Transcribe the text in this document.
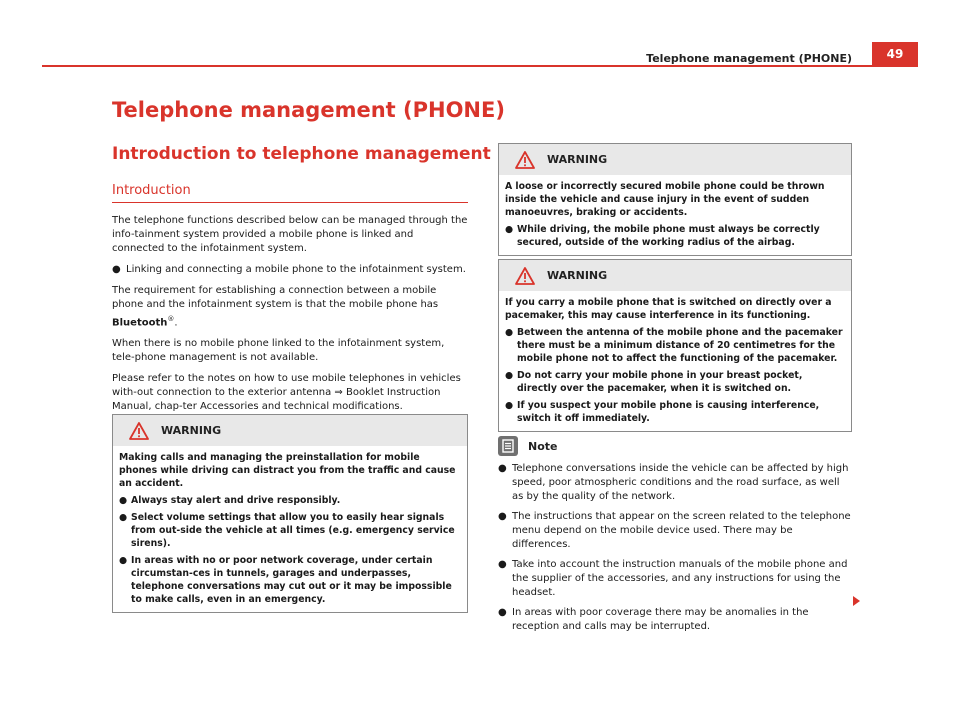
Telephone management (PHONE)	49
Telephone management (PHONE)
Introduction to telephone management
Introduction

The telephone functions described below can be managed through the info-tainment system provided a mobile phone is linked and connected to the infotainment system.

● Linking and connecting a mobile phone to the infotainment system.

The requirement for establishing a connection between a mobile phone and the infotainment system is that the mobile phone has Bluetooth®.

When there is no mobile phone linked to the infotainment system, tele-phone management is not available.

Please refer to the notes on how to use mobile telephones in vehicles with-out connection to the exterior antenna ⇒ Booklet Instruction Manual, chap-ter Accessories and technical modifications.

WARNING

Making calls and managing the preinstallation for mobile phones while driving can distract you from the traffic and cause an accident.

● Always stay alert and drive responsibly.
● Select volume settings that allow you to easily hear signals from out-side the vehicle at all times (e.g. emergency service sirens).
● In areas with no or poor network coverage, under certain circumstan-ces in tunnels, garages and underpasses, telephone conversations may cut out or it may be impossible to make calls, even in an emergency.
WARNING

A loose or incorrectly secured mobile phone could be thrown inside the vehicle and cause injury in the event of sudden manoeuvres, braking or accidents.

● While driving, the mobile phone must always be correctly secured, outside of the working radius of the airbag.
WARNING

If you carry a mobile phone that is switched on directly over a pacemaker, this may cause interference in its functioning.

● Between the antenna of the mobile phone and the pacemaker there must be a minimum distance of 20 centimetres for the mobile phone not to affect the functioning of the pacemaker.
● Do not carry your mobile phone in your breast pocket, directly over the pacemaker, when it is switched on.
● If you suspect your mobile phone is causing interference, switch it off immediately.
Note
● Telephone conversations inside the vehicle can be affected by high speed, poor atmospheric conditions and the road surface, as well as by the quality of the network.
● The instructions that appear on the screen related to the telephone menu depend on the mobile device used. There may be differences.
● Take into account the instruction manuals of the mobile phone and the supplier of the accessories, and any instructions for using the headset.
● In areas with poor coverage there may be anomalies in the reception and calls may be interrupted.
